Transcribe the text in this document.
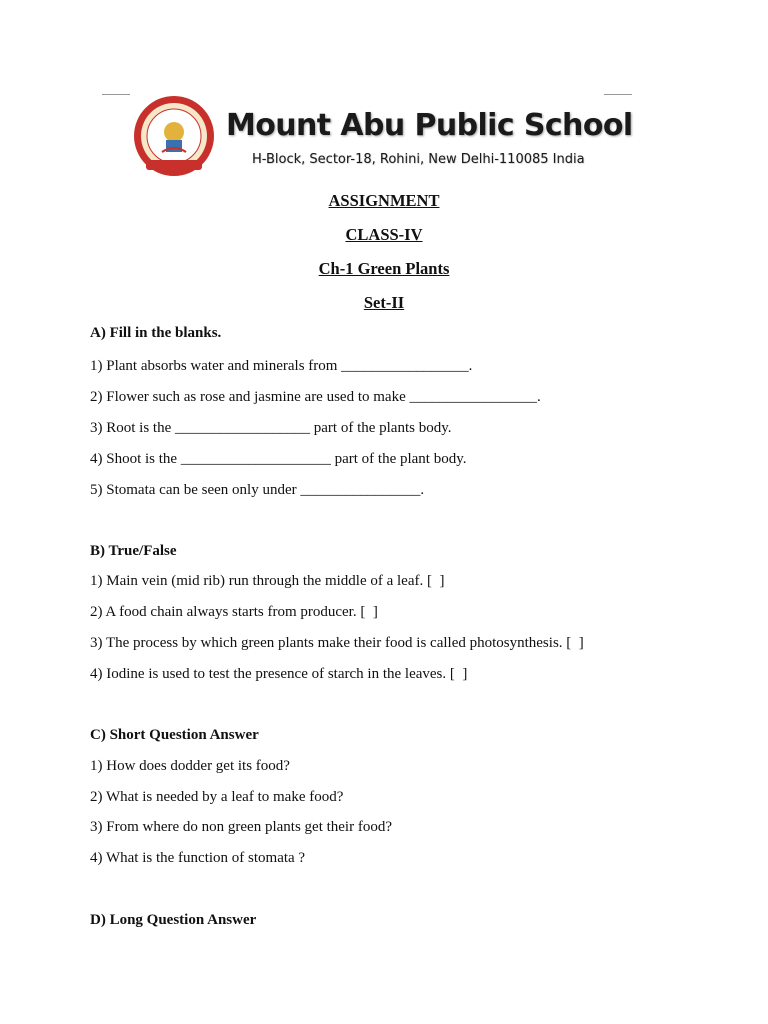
Mount Abu Public School
H-Block, Sector-18, Rohini, New Delhi-110085 India
ASSIGNMENT
CLASS-IV
Ch-1 Green Plants
Set-II
A) Fill in the blanks.
1) Plant absorbs water and minerals from _________________.
2) Flower such as rose and jasmine are used to make _________________.
3) Root is the __________________ part of the plants body.
4) Shoot is the ____________________ part of the plant body.
5) Stomata can be seen only under ________________.
B) True/False
1) Main vein (mid rib) run through the middle of a leaf. [  ]
2) A food chain always starts from producer. [  ]
3) The process by which green plants make their food is called photosynthesis. [  ]
4) Iodine is used to test the presence of starch in the leaves. [  ]
C) Short Question Answer
1) How does dodder get its food?
2) What is needed by a leaf to make food?
3) From where do non green plants get their food?
4) What is the function of stomata ?
D) Long Question Answer
